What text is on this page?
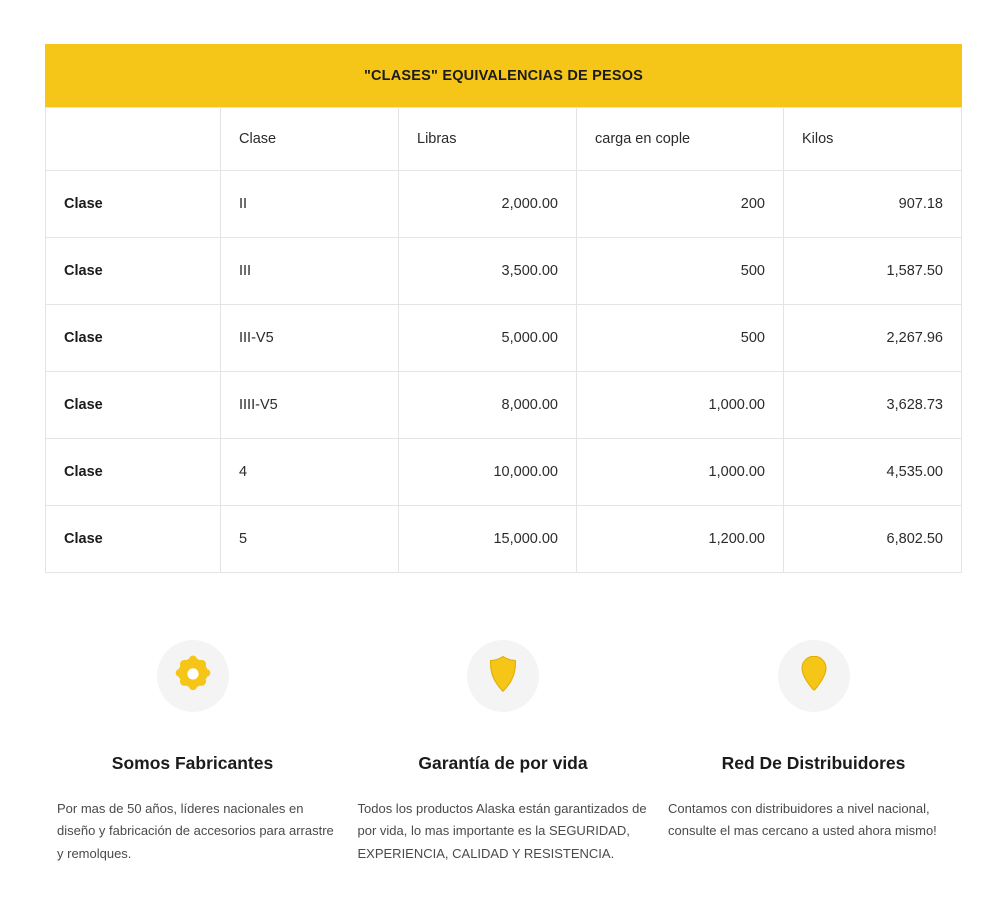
"CLASES" EQUIVALENCIAS DE PESOS
	Clase	Libras	carga en cople	Kilos
Clase	II	2,000.00	200	907.18
Clase	III	3,500.00	500	1,587.50
Clase	III-V5	5,000.00	500	2,267.96
Clase	IIII-V5	8,000.00	1,000.00	3,628.73
Clase	4	10,000.00	1,000.00	4,535.00
Clase	5	15,000.00	1,200.00	6,802.50
Somos Fabricantes

Por mas de 50 años, líderes nacionales en diseño y fabricación de accesorios para arrastre y remolques.

Garantía de por vida

Todos los productos Alaska están garantizados de por vida, lo mas importante es la SEGURIDAD, EXPERIENCIA, CALIDAD Y RESISTENCIA.

Red De Distribuidores

Contamos con distribuidores a nivel nacional, consulte el mas cercano a usted ahora mismo!
